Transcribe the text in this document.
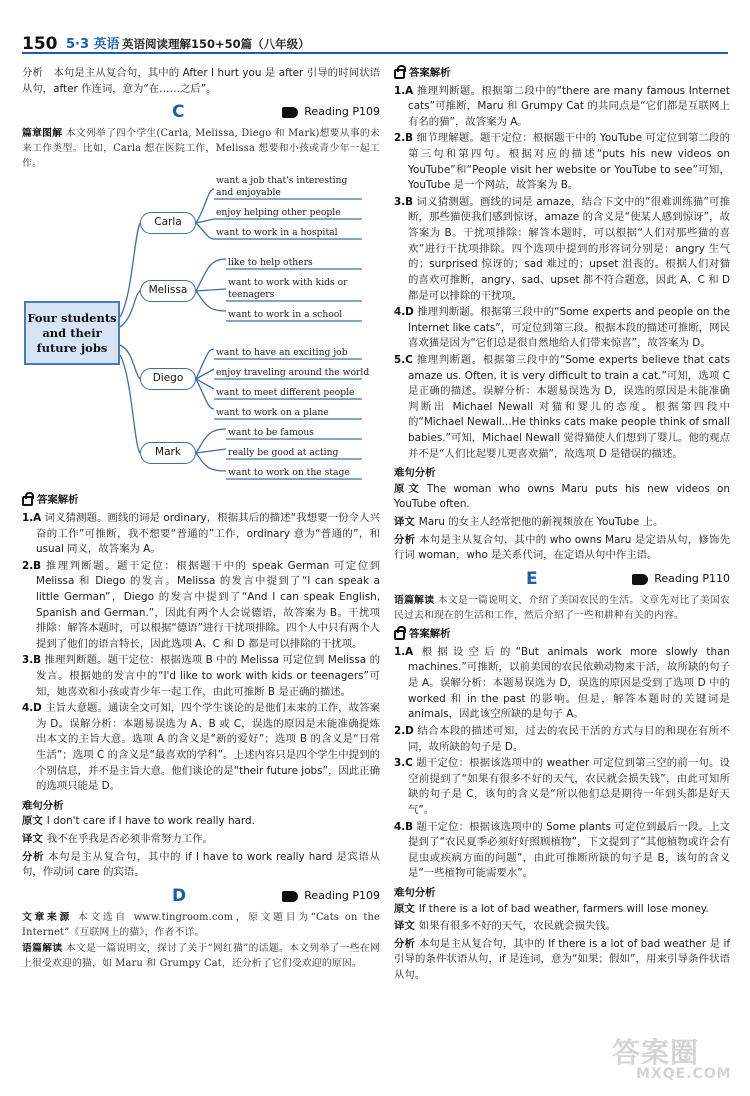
150 5·3 英语 英语阅读理解150+50篇（八年级）

分析　本句是主从复合句，其中的 After I hurt you 是 after 引导的时间状语从句，after 作连词，意为“在……之后”。

C	Reading P109

篇章图解 本文列举了四个学生(Carla, Melissa, Diego 和 Mark)想要从事的未来工作类型。比如，Carla 想在医院工作，Melissa 想要和小孩或青少年一起工作。

Four students and their future jobs
Carla
want a job that's interesting and enjoyable
enjoy helping other people
want to work in a hospital
Melissa
like to help others
want to work with kids or teenagers
want to work in a school
Diego
want to have an exciting job
enjoy traveling around the world
want to meet different people
want to work on a plane
Mark
want to be famous
really be good at acting
want to work on the stage
答案解析

1.A 词义猜测题。画线的词是 ordinary，根据其后的描述“我想要一份令人兴奋的工作”可推断，我不想要“普通的”工作，ordinary 意为“普通的”，和 usual 同义，故答案为 A。

2.B 推理判断题。题干定位：根据题干中的 speak German 可定位到 Melissa 和 Diego 的发言。Melissa 的发言中提到了“I can speak a little German”，Diego 的发言中提到了“And I can speak English, Spanish and German.”，因此有两个人会说德语，故答案为 B。干扰项排除：解答本题时，可以根据“德语”进行干扰项排除。四个人中只有两个人提到了他们的语言特长，因此选项 A、C 和 D 都是可以排除的干扰项。

3.B 推理判断题。题干定位：根据选项 B 中的 Melissa 可定位到 Melissa 的发言。根据她的发言中的“I'd like to work with kids or teenagers”可知，她喜欢和小孩或青少年一起工作，由此可推断 B 是正确的描述。

4.D 主旨大意题。通读全文可知，四个学生谈论的是他们未来的工作，故答案为 D。误解分析：本题易误选为 A、B 或 C，误选的原因是未能准确提炼出本文的主旨大意。选项 A 的含义是“新的爱好”；选项 B 的含义是“日常生活”；选项 C 的含义是“最喜欢的学科”。上述内容只是四个学生中提到的个别信息，并不是主旨大意。他们谈论的是“their future jobs”，因此正确的选项只能是 D。

难句分析

原文 I don't care if I have to work really hard.

译文 我不在乎我是否必须非常努力工作。

分析 本句是主从复合句，其中的 if I have to work really hard 是宾语从句，作动词 care 的宾语。

D	Reading P109

文章来源 本文选自 www.tingroom.com，原文题目为“Cats on the Internet”《互联网上的猫》，作者不详。

语篇解读 本文是一篇说明文，探讨了关于“网红猫”的话题。本文列举了一些在网上很受欢迎的猫，如 Maru 和 Grumpy Cat，还分析了它们受欢迎的原因。

答案解析

1.A 推理判断题。根据第二段中的“there are many famous Internet cats”可推断，Maru 和 Grumpy Cat 的共同点是“它们都是互联网上有名的猫”，故答案为 A。

2.B 细节理解题。题干定位：根据题干中的 YouTube 可定位到第二段的第三句和第四句。根据对应的描述“puts his new videos on YouTube”和“People visit her website or YouTube to see”可知，YouTube 是一个网站，故答案为 B。

3.B 词义猜测题。画线的词是 amaze，结合下文中的“很难训练猫”可推断，那些猫使我们感到惊讶，amaze 的含义是“使某人感到惊讶”，故答案为 B。干扰项排除：解答本题时，可以根据“人们对那些猫的喜欢”进行干扰项排除。四个选项中提到的形容词分别是：angry 生气的；surprised 惊讶的；sad 难过的；upset 沮丧的。根据人们对猫的喜欢可推断，angry、sad、upset 都不符合题意，因此 A、C 和 D 都是可以排除的干扰项。

4.D 推理判断题。根据第三段中的“Some experts and people on the Internet like cats”，可定位到第三段。根据本段的描述可推断，网民喜欢猫是因为“它们总是很自然地给人们带来惊喜”，故答案为 D。

5.C 推理判断题。根据第三段中的“Some experts believe that cats amaze us. Often, it is very difficult to train a cat.”可知，选项 C 是正确的描述。误解分析：本题易误选为 D，误选的原因是未能准确判断出 Michael Newall 对猫和婴儿的态度。根据第四段中的“Michael Newall...He thinks cats make people think of small babies.”可知，Michael Newall 觉得猫使人们想到了婴儿。他的观点并不是“人们比起婴儿更喜欢猫”，故选项 D 是错误的描述。

难句分析

原文 The woman who owns Maru puts his new videos on YouTube often.

译文 Maru 的女主人经常把他的新视频放在 YouTube 上。

分析 本句是主从复合句，其中的 who owns Maru 是定语从句，修饰先行词 woman，who 是关系代词，在定语从句中作主语。

E	Reading P110

语篇解读 本文是一篇说明文，介绍了美国农民的生活。文章先对比了美国农民过去和现在的生活和工作，然后介绍了一些和耕种有关的内容。

答案解析

1.A 根据设空后的“But animals work more slowly than machines.”可推断，以前美国的农民依赖动物来干活，故所缺的句子是 A。误解分析：本题易误选为 D，误选的原因是受到了选项 D 中的 worked 和 in the past 的影响。但是，解答本题时的关键词是 animals，因此该空所缺的是句子 A。

2.D 结合本段的描述可知，过去的农民干活的方式与目的和现在有所不同，故所缺的句子是 D。

3.C 题干定位：根据该选项中的 weather 可定位到第三空的前一句。设空前提到了“如果有很多不好的天气，农民就会损失钱”，由此可知所缺的句子是 C，该句的含义是“所以他们总是期待一年到头都是好天气”。

4.B 题干定位：根据该选项中的 Some plants 可定位到最后一段。上文提到了“农民夏季必须好好照顾植物”，下文提到了“其他植物或许会有昆虫或疾病方面的问题”，由此可推断所缺的句子是 B，该句的含义是“一些植物可能需要水”。

难句分析

原文 If there is a lot of bad weather, farmers will lose money.

译文 如果有很多不好的天气，农民就会损失钱。

分析 本句是主从复合句，其中的 If there is a lot of bad weather 是 if 引导的条件状语从句，if 是连词，意为“如果；假如”，用来引导条件状语从句。

答案圈
MXQE.COM
